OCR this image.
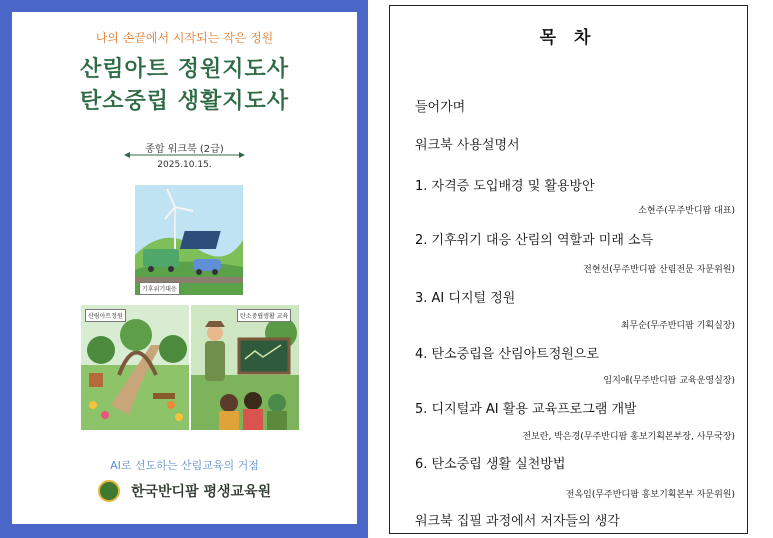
나의 손끝에서 시작되는 작은 정원
산림아트 정원지도사
탄소중립 생활지도사
종합 워크북 (2급)
2025.10.15.
기후위기대응
산림아트정원	탄소중립생활 교육
AI로 선도하는 산림교육의 거점
한국반디팜 평생교육원
목 차
들어가며
워크북 사용설명서
1. 자격증 도입배경 및 활용방안
소현주(무주반디팜 대표)
2. 기후위기 대응 산림의 역할과 미래 소득
전현선(무주반디팜 산림전문 자문위원)
3. AI 디지털 정원
최무순(무주반디팜 기획실장)
4. 탄소중립을 산림아트정원으로
임지애(무주반디팜 교육운영실장)
5. 디지털과 AI 활용 교육프로그램 개발
전보란, 박은경(무주반디팜 홍보기획본부장, 사무국장)
6. 탄소중립 생활 실천방법
전옥임(무주반디팜 홍보기획본부 자문위원)
워크북 집필 과정에서 저자들의 생각
